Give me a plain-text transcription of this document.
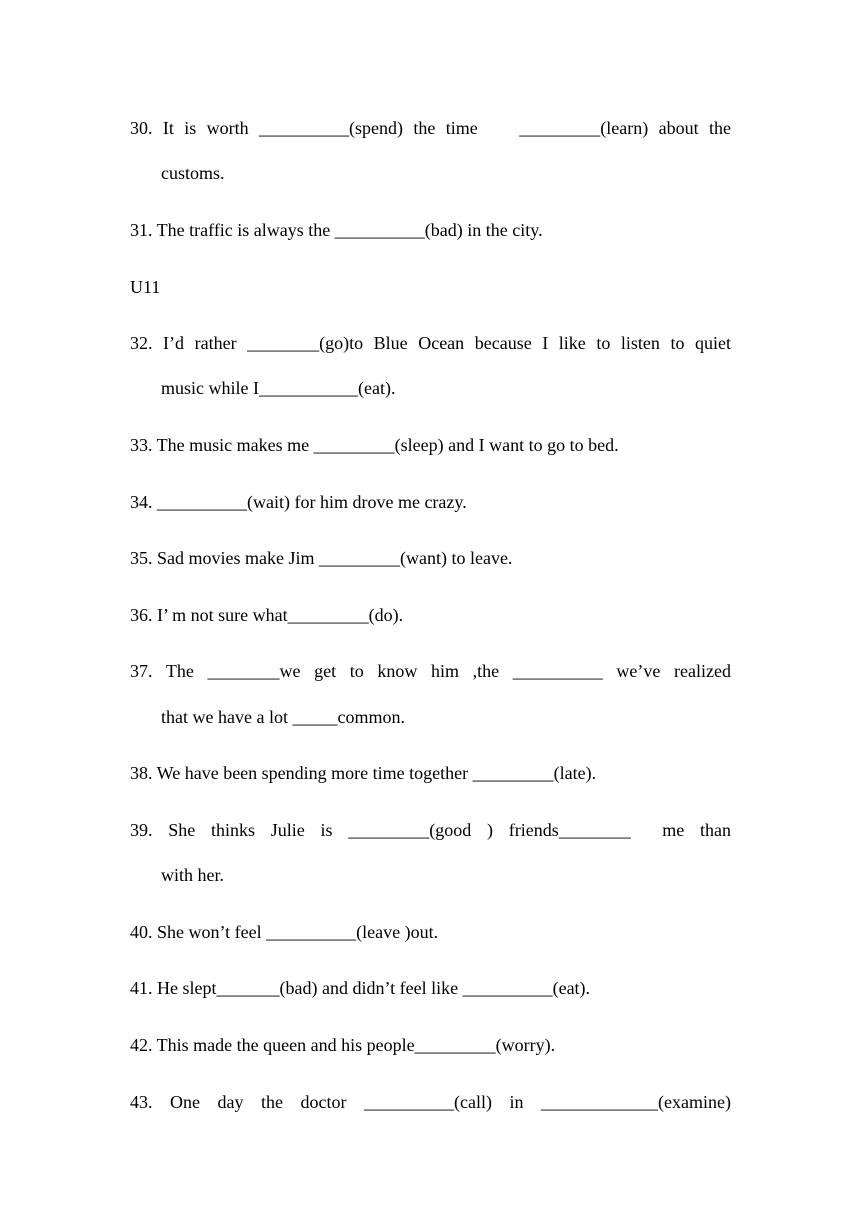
30. It is worth __________(spend) the time    _________(learn) about the

customs.

31. The traffic is always the __________(bad) in the city.

U11

32. I’d rather ________(go)to Blue Ocean because I like to listen to quiet

music while I___________(eat).

33. The music makes me _________(sleep) and I want to go to bed.

34. __________(wait) for him drove me crazy.

35. Sad movies make Jim _________(want) to leave.

36. I’ m not sure what_________(do).

37. The ________we get to know him ,the __________ we’ve realized

that we have a lot _____common.

38. We have been spending more time together _________(late).

39. She thinks Julie is _________(good ) friends________  me than

with her.

40. She won’t feel __________(leave )out.

41. He slept_______(bad) and didn’t feel like __________(eat).

42. This made the queen and his people_________(worry).

43. One day the doctor __________(call) in _____________(examine)
